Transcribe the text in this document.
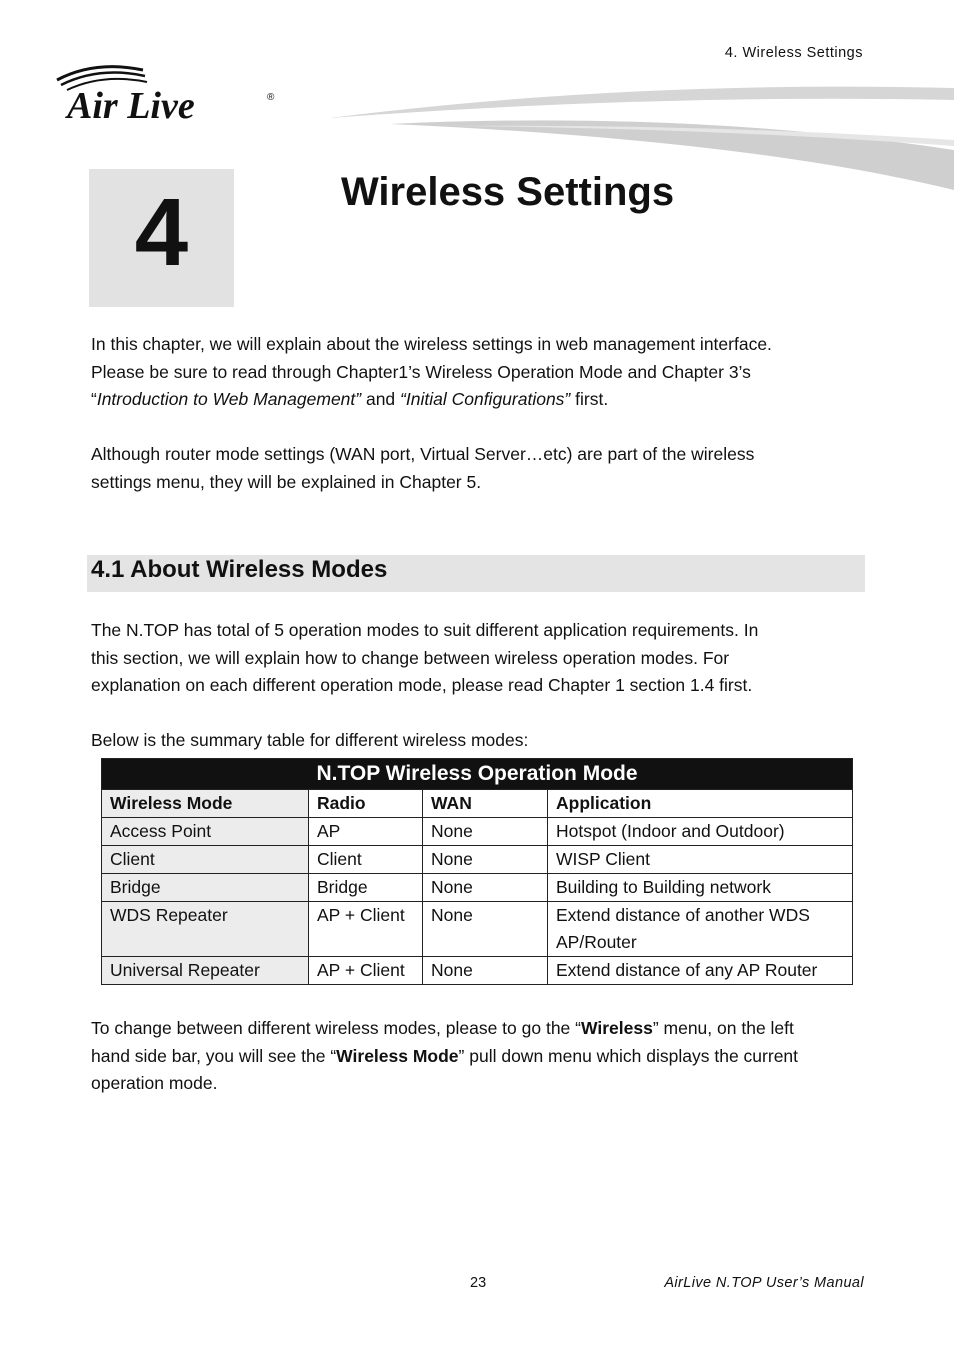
4. Wireless Settings
Air Live	®
4	Wireless Settings
In this chapter, we will explain about the wireless settings in web management interface.
Please be sure to read through Chapter1’s Wireless Operation Mode and Chapter 3’s
“Introduction to Web Management” and “Initial Configurations” first.
Although router mode settings (WAN port, Virtual Server…etc) are part of the wireless
settings menu, they will be explained in Chapter 5.
4.1 About Wireless Modes
The N.TOP has total of 5 operation modes to suit different application requirements. In
this section, we will explain how to change between wireless operation modes. For
explanation on each different operation mode, please read Chapter 1 section 1.4 first.
Below is the summary table for different wireless modes:
N.TOP Wireless Operation Mode			
Wireless Mode	Radio	WAN	Application
Access Point	AP	None	Hotspot (Indoor and Outdoor)
Client	Client	None	WISP Client
Bridge	Bridge	None	Building to Building network
WDS Repeater	AP + Client	None	Extend distance of another WDS AP/Router
Universal Repeater	AP + Client	None	Extend distance of any AP Router
To change between different wireless modes, please to go the “Wireless” menu, on the left
hand side bar, you will see the “Wireless Mode” pull down menu which displays the current
operation mode.
23	AirLive N.TOP User’s Manual
